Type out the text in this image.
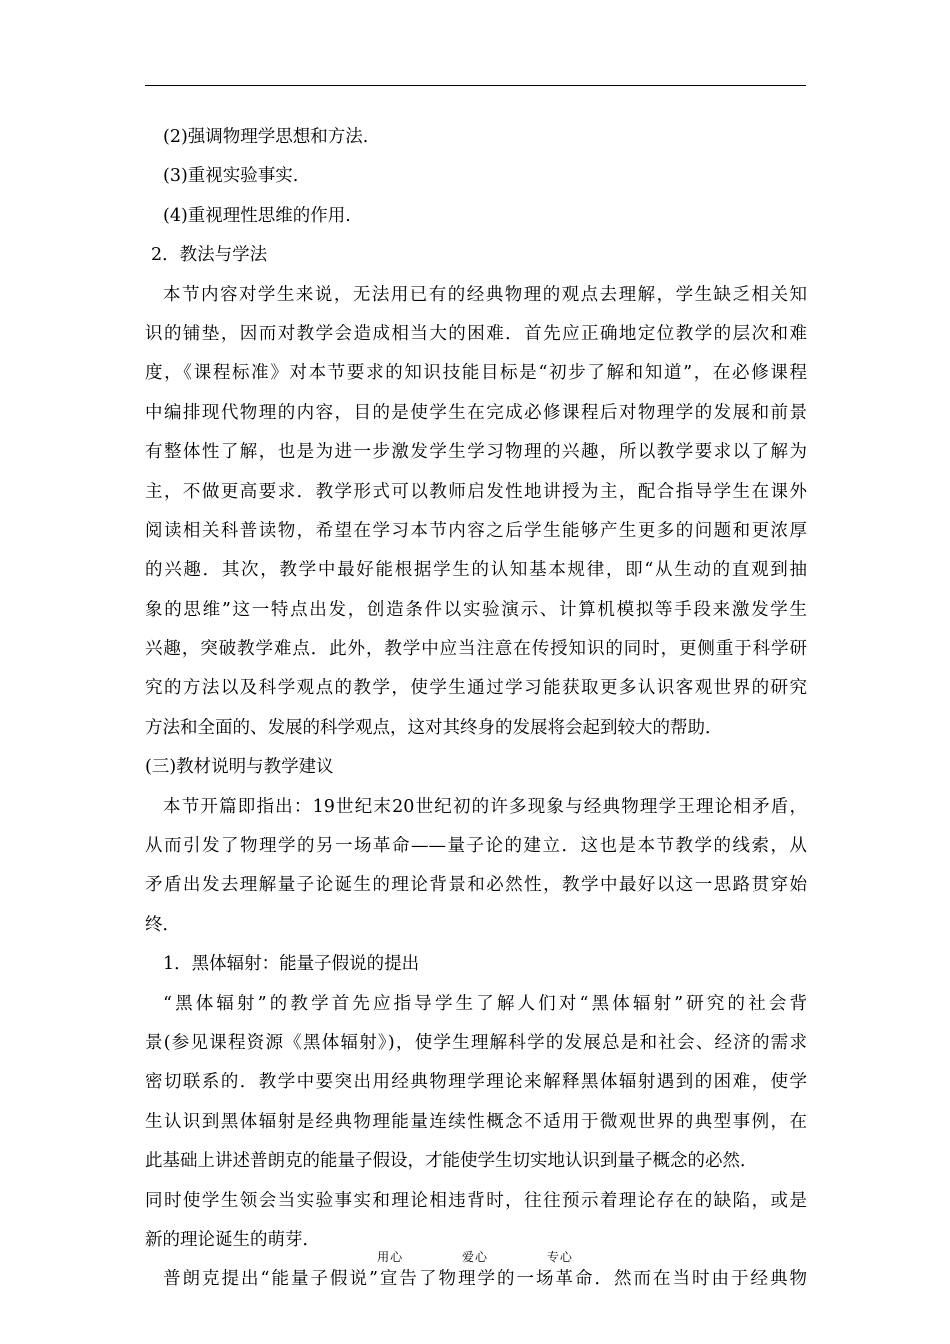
(2)强调物理学思想和方法.
(3)重视实验事实.
(4)重视理性思维的作用.
2．教法与学法
本节内容对学生来说，无法用已有的经典物理的观点去理解，学生缺乏相关知
识的铺垫，因而对教学会造成相当大的困难．首先应正确地定位教学的层次和难
度，《课程标准》对本节要求的知识技能目标是“初步了解和知道”，在必修课程
中编排现代物理的内容，目的是使学生在完成必修课程后对物理学的发展和前景
有整体性了解，也是为进一步激发学生学习物理的兴趣，所以教学要求以了解为
主，不做更高要求．教学形式可以教师启发性地讲授为主，配合指导学生在课外
阅读相关科普读物，希望在学习本节内容之后学生能够产生更多的问题和更浓厚
的兴趣．其次，教学中最好能根据学生的认知基本规律，即“从生动的直观到抽
象的思维”这一特点出发，创造条件以实验演示、计算机模拟等手段来激发学生
兴趣，突破教学难点．此外，教学中应当注意在传授知识的同时，更侧重于科学研
究的方法以及科学观点的教学，使学生通过学习能获取更多认识客观世界的研究
方法和全面的、发展的科学观点，这对其终身的发展将会起到较大的帮助．
(三)教材说明与教学建议
本节开篇即指出：19世纪末20世纪初的许多现象与经典物理学王理论相矛盾，
从而引发了物理学的另一场革命——量子论的建立．这也是本节教学的线索，从
矛盾出发去理解量子论诞生的理论背景和必然性，教学中最好以这一思路贯穿始
终．
1．黑体辐射：能量子假说的提出
“黑体辐射”的教学首先应指导学生了解人们对“黑体辐射”研究的社会背
景(参见课程资源《黑体辐射》)，使学生理解科学的发展总是和社会、经济的需求
密切联系的．教学中要突出用经典物理学理论来解释黑体辐射遇到的困难，使学
生认识到黑体辐射是经典物理能量连续性概念不适用于微观世界的典型事例，在
此基础上讲述普朗克的能量子假设，才能使学生切实地认识到量子概念的必然．
同时使学生领会当实验事实和理论相违背时，往往预示着理论存在的缺陷，或是
新的理论诞生的萌芽．
普朗克提出“能量子假说”宣告了物理学的一场革命．然而在当时由于经典物
用心	爱心	专心
